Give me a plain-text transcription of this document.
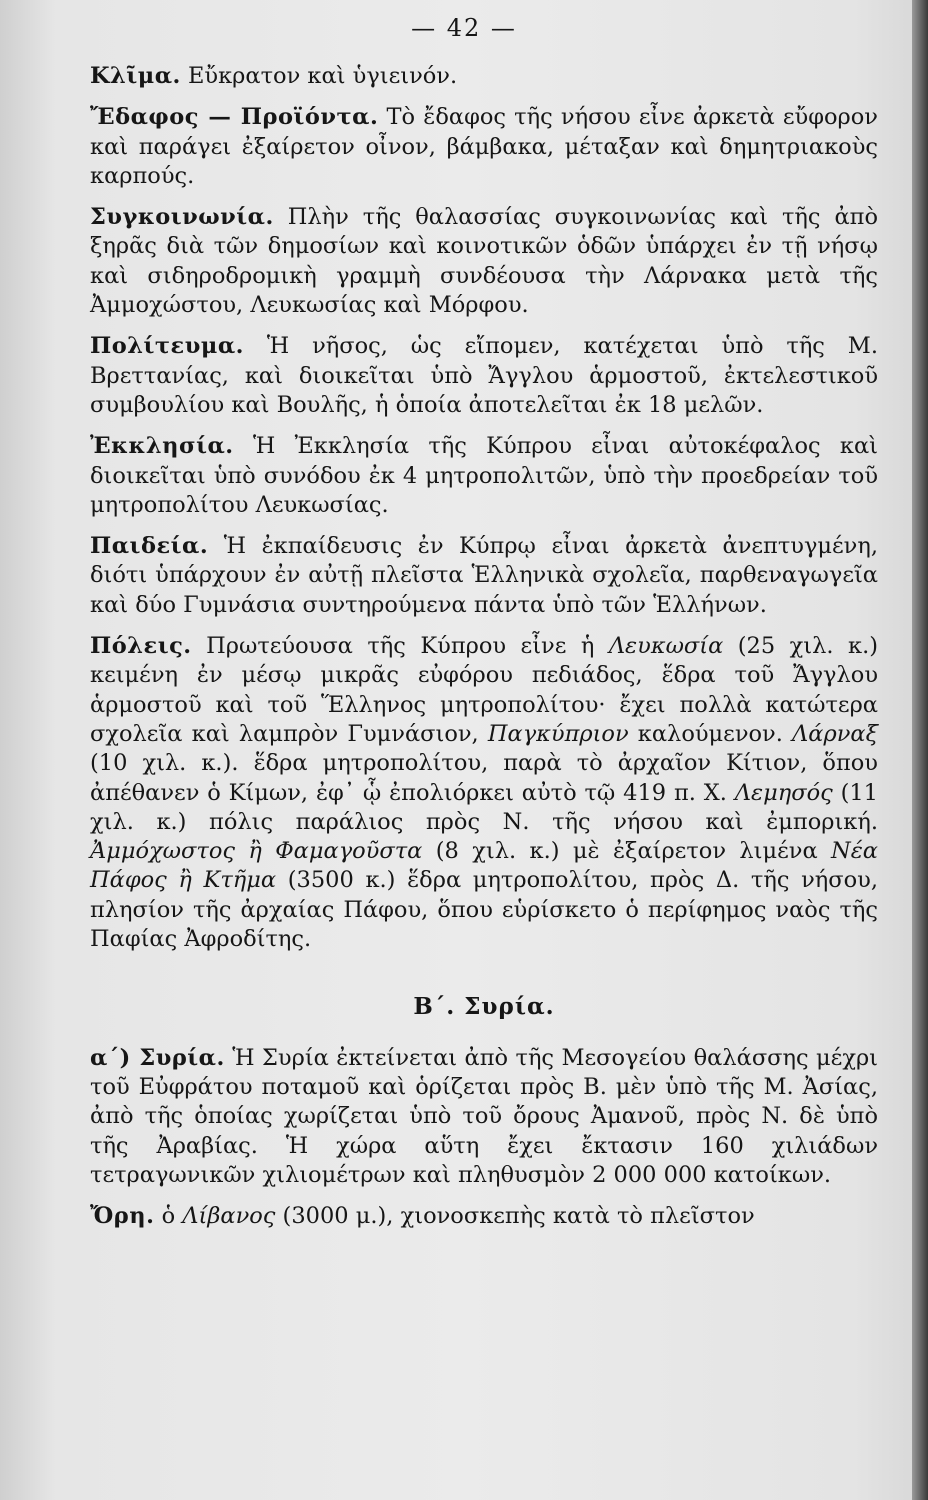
— 42 —

Κλῖμα. Εὔκρατον καὶ ὑγιεινόν.

Ἔδαφος — Προϊόντα. Τὸ ἔδαφος τῆς νήσου εἶνε ἀρκετὰ εὔφορον καὶ παράγει ἐξαίρετον οἶνον, βάμβακα, μέταξαν καὶ δημητριακοὺς καρπούς.

Συγκοινωνία. Πλὴν τῆς θαλασσίας συγκοινωνίας καὶ τῆς ἀπὸ ξηρᾶς διὰ τῶν δημοσίων καὶ κοινοτικῶν ὁδῶν ὑπάρχει ἐν τῇ νήσῳ καὶ σιδηροδρομικὴ γραμμὴ συνδέουσα τὴν Λάρνακα μετὰ τῆς Ἀμμοχώστου, Λευκωσίας καὶ Μόρφου.

Πολίτευμα. Ἡ νῆσος, ὡς εἴπομεν, κατέχεται ὑπὸ τῆς Μ. Βρεττανίας, καὶ διοικεῖται ὑπὸ Ἄγγλου ἁρμοστοῦ, ἐκτελεστικοῦ συμβουλίου καὶ Βουλῆς, ἡ ὁποία ἀποτελεῖται ἐκ 18 μελῶν.

Ἐκκλησία. Ἡ Ἐκκλησία τῆς Κύπρου εἶναι αὐτοκέφαλος καὶ διοικεῖται ὑπὸ συνόδου ἐκ 4 μητροπολιτῶν, ὑπὸ τὴν προεδρείαν τοῦ μητροπολίτου Λευκωσίας.

Παιδεία. Ἡ ἐκπαίδευσις ἐν Κύπρῳ εἶναι ἀρκετὰ ἀνεπτυγμένη, διότι ὑπάρχουν ἐν αὐτῇ πλεῖστα Ἑλληνικὰ σχολεῖα, παρθεναγωγεῖα καὶ δύο Γυμνάσια συντηρούμενα πάντα ὑπὸ τῶν Ἑλλήνων.

Πόλεις. Πρωτεύουσα τῆς Κύπρου εἶνε ἡ Λευκωσία (25 χιλ. κ.) κειμένη ἐν μέσῳ μικρᾶς εὐφόρου πεδιάδος, ἕδρα τοῦ Ἄγγλου ἁρμοστοῦ καὶ τοῦ Ἕλληνος μητροπολίτου· ἔχει πολλὰ κατώτερα σχολεῖα καὶ λαμπρὸν Γυμνάσιον, Παγκύπριον καλούμενον. Λάρναξ (10 χιλ. κ.). ἕδρα μητροπολίτου, παρὰ τὸ ἀρχαῖον Κίτιον, ὅπου ἀπέθανεν ὁ Κίμων, ἐφ᾽ ᾧ ἐπολιόρκει αὐτὸ τῷ 419 π. Χ. Λεμησός (11 χιλ. κ.) πόλις παράλιος πρὸς Ν. τῆς νήσου καὶ ἐμπορική. Ἀμμόχωστος ἢ Φαμαγοῦστα (8 χιλ. κ.) μὲ ἐξαίρετον λιμένα Νέα Πάφος ἢ Κτῆμα (3500 κ.) ἕδρα μητροπολίτου, πρὸς Δ. τῆς νήσου, πλησίον τῆς ἀρχαίας Πάφου, ὅπου εὑρίσκετο ὁ περίφημος ναὸς τῆς Παφίας Ἀφροδίτης.

Β΄. Συρία.

α΄) Συρία. Ἡ Συρία ἐκτείνεται ἀπὸ τῆς Μεσογείου θαλάσσης μέχρι τοῦ Εὐφράτου ποταμοῦ καὶ ὁρίζεται πρὸς Β. μὲν ὑπὸ τῆς Μ. Ἀσίας, ἀπὸ τῆς ὁποίας χωρίζεται ὑπὸ τοῦ ὄρους Ἀμανοῦ, πρὸς Ν. δὲ ὑπὸ τῆς Ἀραβίας. Ἡ χώρα αὕτη ἔχει ἔκτασιν 160 χιλιάδων τετραγωνικῶν χιλιομέτρων καὶ πληθυσμὸν 2 000 000 κατοίκων.

Ὄρη. ὁ Λίβανος (3000 μ.), χιονοσκεπὴς κατὰ τὸ πλεῖστον
